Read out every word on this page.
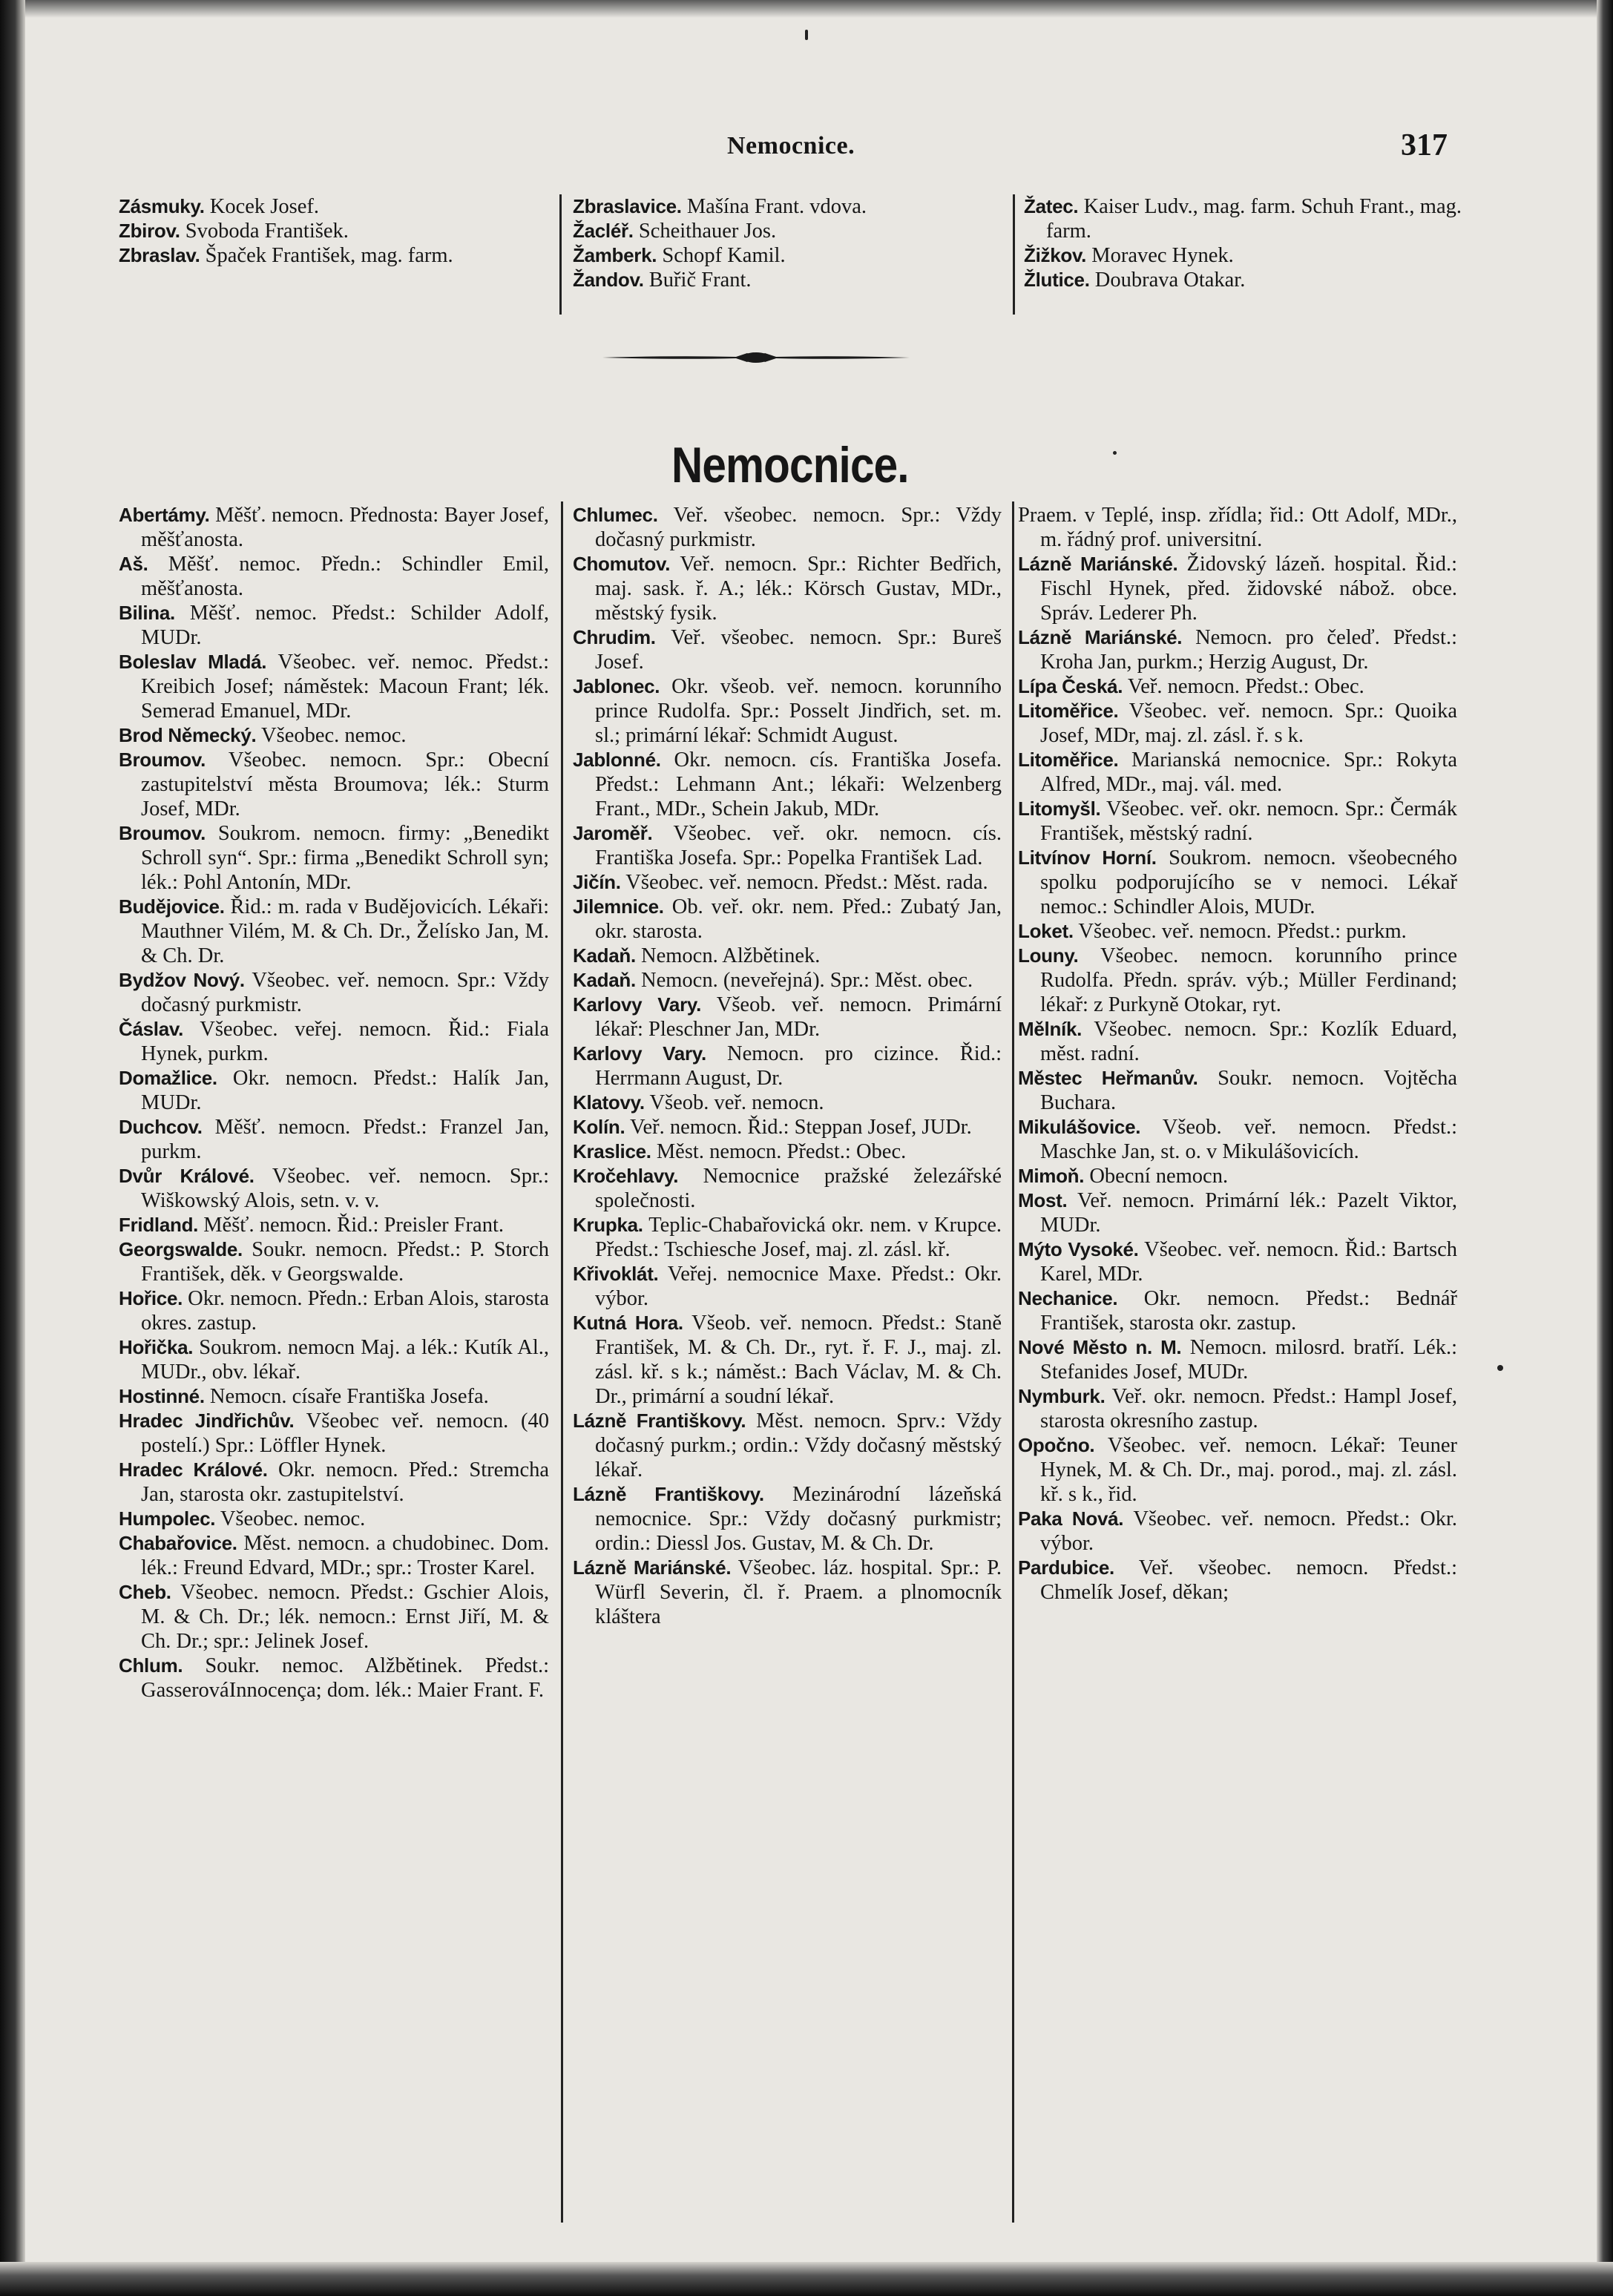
Nemocnice.	317

Zásmuky. Kocek Josef.

Zbirov. Svoboda František.

Zbraslav. Špaček František, mag. farm.

Zbraslavice. Mašína Frant. vdova.

Žacléř. Scheithauer Jos.

Žamberk. Schopf Kamil.

Žandov. Buřič Frant.

Žatec. Kaiser Ludv., mag. farm. Schuh Frant., mag. farm.

Žižkov. Moravec Hynek.

Žlutice. Doubrava Otakar.

Nemocnice.

Abertámy. Měšť. nemocn. Přednosta: Bayer Josef, měšťanosta.

Aš. Měšť. nemoc. Předn.: Schindler Emil, měšťanosta.

Bilina. Měšť. nemoc. Předst.: Schilder Adolf, MUDr.

Boleslav Mladá. Všeobec. veř. nemoc. Předst.: Kreibich Josef; náměstek: Macoun Frant; lék. Semerad Emanuel, MDr.

Brod Německý. Všeobec. nemoc.

Broumov. Všeobec. nemocn. Spr.: Obecní zastupitelství města Broumova; lék.: Sturm Josef, MDr.

Broumov. Soukrom. nemocn. firmy: „Benedikt Schroll syn“. Spr.: firma „Benedikt Schroll syn; lék.: Pohl Antonín, MDr.

Budějovice. Řid.: m. rada v Budějovicích. Lékaři: Mauthner Vilém, M. & Ch. Dr., Želísko Jan, M. & Ch. Dr.

Bydžov Nový. Všeobec. veř. nemocn. Spr.: Vždy dočasný purkmistr.

Čáslav. Všeobec. veřej. nemocn. Řid.: Fiala Hynek, purkm.

Domažlice. Okr. nemocn. Předst.: Halík Jan, MUDr.

Duchcov. Měšť. nemocn. Předst.: Franzel Jan, purkm.

Dvůr Králové. Všeobec. veř. nemocn. Spr.: Wiškowský Alois, setn. v. v.

Fridland. Měšť. nemocn. Řid.: Preisler Frant.

Georgswalde. Soukr. nemocn. Předst.: P. Storch František, děk. v Georgswalde.

Hořice. Okr. nemocn. Předn.: Erban Alois, starosta okres. zastup.

Hořička. Soukrom. nemocn Maj. a lék.: Kutík Al., MUDr., obv. lékař.

Hostinné. Nemocn. císaře Františka Josefa.

Hradec Jindřichův. Všeobec veř. nemocn. (40 postelí.) Spr.: Löffler Hynek.

Hradec Králové. Okr. nemocn. Před.: Stremcha Jan, starosta okr. zastupitelství.

Humpolec. Všeobec. nemoc.

Chabařovice. Měst. nemocn. a chudobinec. Dom. lék.: Freund Edvard, MDr.; spr.: Troster Karel.

Cheb. Všeobec. nemocn. Předst.: Gschier Alois, M. & Ch. Dr.; lék. nemocn.: Ernst Jiří, M. & Ch. Dr.; spr.: Jelinek Josef.

Chlum. Soukr. nemoc. Alžbětinek. Předst.: GasserováInnocença; dom. lék.: Maier Frant. F.

Chlumec. Veř. všeobec. nemocn. Spr.: Vždy dočasný purkmistr.

Chomutov. Veř. nemocn. Spr.: Richter Bedřich, maj. sask. ř. A.; lék.: Körsch Gustav, MDr., městský fysik.

Chrudim. Veř. všeobec. nemocn. Spr.: Bureš Josef.

Jablonec. Okr. všeob. veř. nemocn. korunního prince Rudolfa. Spr.: Posselt Jindřich, set. m. sl.; primární lékař: Schmidt August.

Jablonné. Okr. nemocn. cís. Františka Josefa. Předst.: Lehmann Ant.; lékaři: Welzenberg Frant., MDr., Schein Jakub, MDr.

Jaroměř. Všeobec. veř. okr. nemocn. cís. Františka Josefa. Spr.: Popelka František Lad.

Jičín. Všeobec. veř. nemocn. Předst.: Měst. rada.

Jilemnice. Ob. veř. okr. nem. Před.: Zubatý Jan, okr. starosta.

Kadaň. Nemocn. Alžbětinek.

Kadaň. Nemocn. (neveřejná). Spr.: Měst. obec.

Karlovy Vary. Všeob. veř. nemocn. Primární lékař: Pleschner Jan, MDr.

Karlovy Vary. Nemocn. pro cizince. Řid.: Herrmann August, Dr.

Klatovy. Všeob. veř. nemocn.

Kolín. Veř. nemocn. Řid.: Steppan Josef, JUDr.

Kraslice. Měst. nemocn. Předst.: Obec.

Kročehlavy. Nemocnice pražské železářské společnosti.

Krupka. Teplic-Chabařovická okr. nem. v Krupce. Předst.: Tschiesche Josef, maj. zl. zásl. kř.

Křivoklát. Veřej. nemocnice Maxe. Předst.: Okr. výbor.

Kutná Hora. Všeob. veř. nemocn. Předst.: Staně František, M. & Ch. Dr., ryt. ř. F. J., maj. zl. zásl. kř. s k.; náměst.: Bach Václav, M. & Ch. Dr., primární a soudní lékař.

Lázně Františkovy. Měst. nemocn. Sprv.: Vždy dočasný purkm.; ordin.: Vždy dočasný městský lékař.

Lázně Františkovy. Mezinárodní lázeňská nemocnice. Spr.: Vždy dočasný purkmistr; ordin.: Diessl Jos. Gustav, M. & Ch. Dr.

Lázně Mariánské. Všeobec. láz. hospital. Spr.: P. Würfl Severin, čl. ř. Praem. a plnomocník kláštera

Praem. v Teplé, insp. zřídla; řid.: Ott Adolf, MDr., m. řádný prof. universitní.

Lázně Mariánské. Židovský lázeň. hospital. Řid.: Fischl Hynek, před. židovské nábož. obce. Správ. Lederer Ph.

Lázně Mariánské. Nemocn. pro čeleď. Předst.: Kroha Jan, purkm.; Herzig August, Dr.

Lípa Česká. Veř. nemocn. Předst.: Obec.

Litoměřice. Všeobec. veř. nemocn. Spr.: Quoika Josef, MDr, maj. zl. zásl. ř. s k.

Litoměřice. Marianská nemocnice. Spr.: Rokyta Alfred, MDr., maj. vál. med.

Litomyšl. Všeobec. veř. okr. nemocn. Spr.: Čermák František, městský radní.

Litvínov Horní. Soukrom. nemocn. všeobecného spolku podporujícího se v nemoci. Lékař nemoc.: Schindler Alois, MUDr.

Loket. Všeobec. veř. nemocn. Předst.: purkm.

Louny. Všeobec. nemocn. korunního prince Rudolfa. Předn. správ. výb.; Müller Ferdinand; lékař: z Purkyně Otokar, ryt.

Mělník. Všeobec. nemocn. Spr.: Kozlík Eduard, měst. radní.

Městec Heřmanův. Soukr. nemocn. Vojtěcha Buchara.

Mikulášovice. Všeob. veř. nemocn. Předst.: Maschke Jan, st. o. v Mikulášovicích.

Mimoň. Obecní nemocn.

Most. Veř. nemocn. Primární lék.: Pazelt Viktor, MUDr.

Mýto Vysoké. Všeobec. veř. nemocn. Řid.: Bartsch Karel, MDr.

Nechanice. Okr. nemocn. Předst.: Bednář František, starosta okr. zastup.

Nové Město n. M. Nemocn. milosrd. bratří. Lék.: Stefanides Josef, MUDr.

Nymburk. Veř. okr. nemocn. Předst.: Hampl Josef, starosta okresního zastup.

Opočno. Všeobec. veř. nemocn. Lékař: Teuner Hynek, M. & Ch. Dr., maj. porod., maj. zl. zásl. kř. s k., řid.

Paka Nová. Všeobec. veř. nemocn. Předst.: Okr. výbor.

Pardubice. Veř. všeobec. nemocn. Předst.: Chmelík Josef, děkan;
